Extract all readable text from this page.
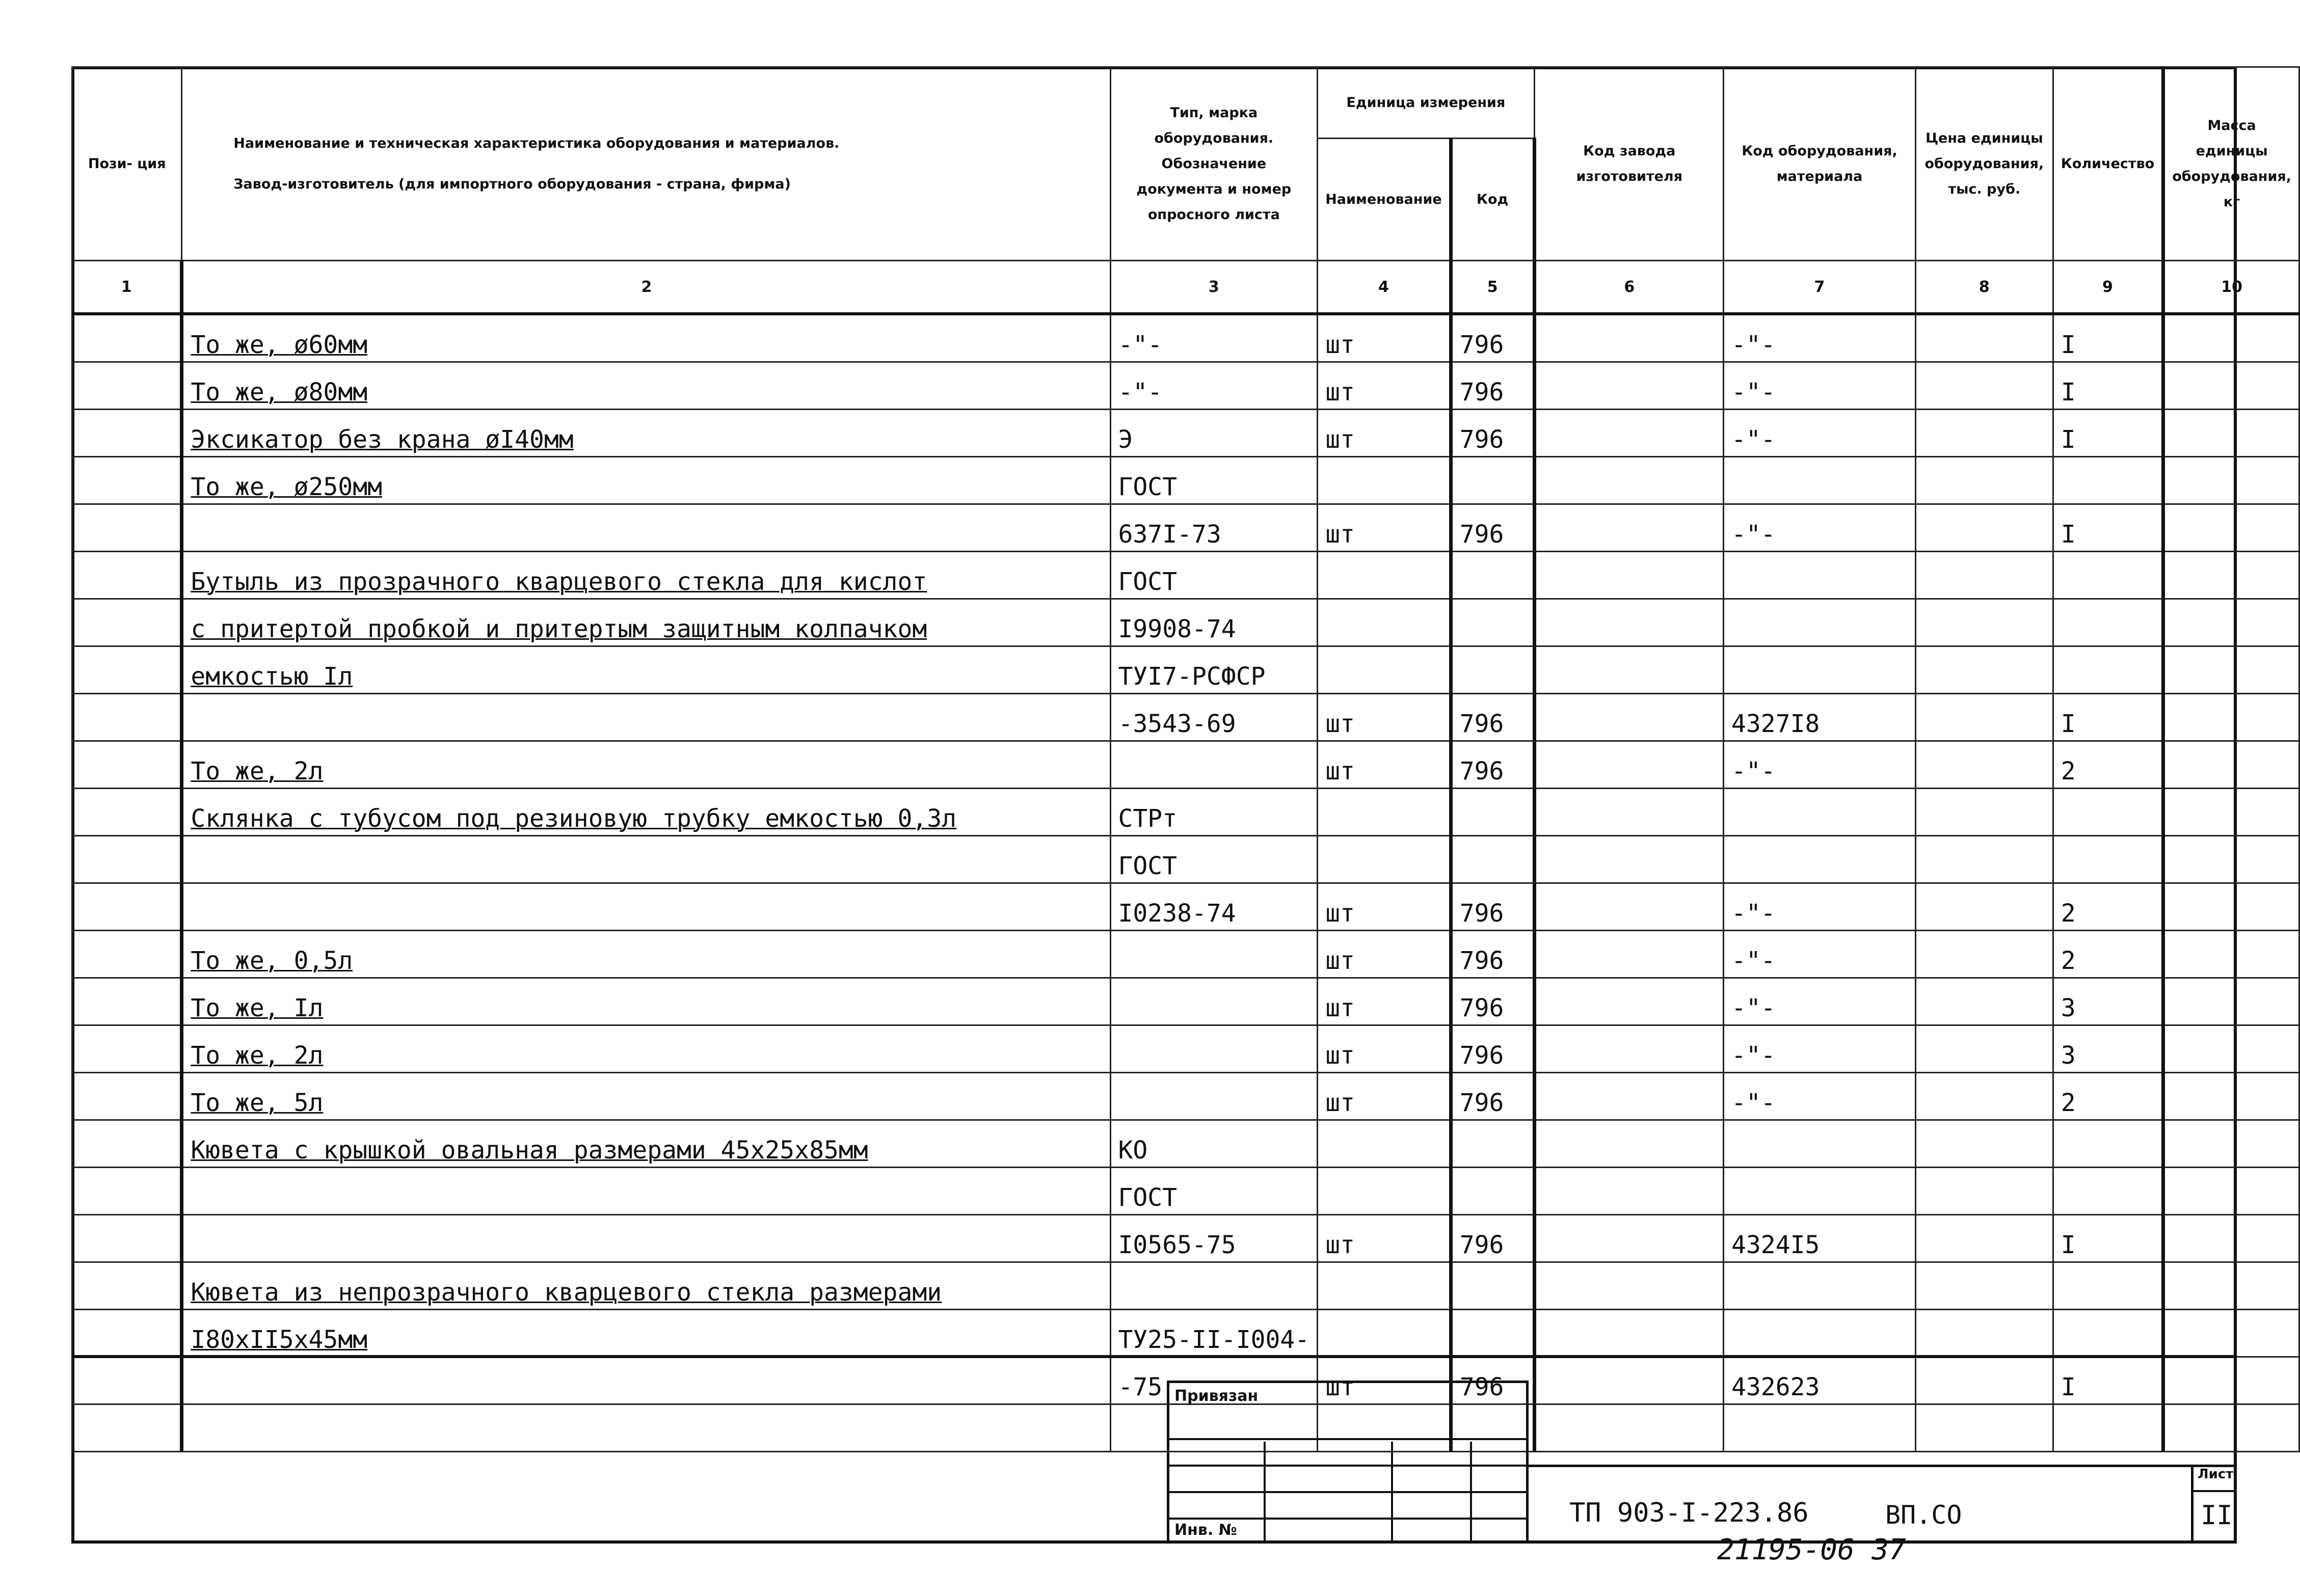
Пози- ция	Наименование и техническая характеристика оборудования и материалов.
Завод-изготовитель (для импортного оборудования - страна, фирма)	Тип, марка оборудования. Обозначение документа и номер опросного листа	Единица измерения		Код завода изготовителя	Код оборудования, материала	Цена единицы оборудования, тыс. руб.	Количество	Масса единицы оборудования, кг
			Наименование	Код					
1	2	3	4	5	6	7	8	9	10
	То же, ø60мм	-"-	шт	796		-"-		I	
	То же, ø80мм	-"-	шт	796		-"-		I	
	Эксикатор без крана øI40мм	Э	шт	796		-"-		I	
	То же, ø250мм	ГОСТ							
		637I-73	шт	796		-"-		I	
	Бутыль из прозрачного кварцевого стекла для кислот	ГОСТ							
	с притертой пробкой и притертым защитным колпачком	I9908-74							
	емкостью Iл	ТУI7-РСФСР							
		-3543-69	шт	796		4327I8		I	
	То же, 2л		шт	796		-"-		2	
	Склянка с тубусом под резиновую трубку емкостью 0,3л	СТРт							
		ГОСТ							
		I0238-74	шт	796		-"-		2	
	То же, 0,5л		шт	796		-"-		2	
	То же, Iл		шт	796		-"-		3	
	То же, 2л		шт	796		-"-		3	
	То же, 5л		шт	796		-"-		2	
	Кювета с крышкой овальная размерами 45x25x85мм	КО							
		ГОСТ							
		I0565-75	шт	796		4324I5		I	
	Кювета из непрозрачного кварцевого стекла размерами								
	I80xII5x45мм	ТУ25-II-I004-							
		-75	шт	796		432623		I	

Привязан
Инв. №
ТП 903-I-223.86	ВП.СО
Лист
II
21195-06 37
